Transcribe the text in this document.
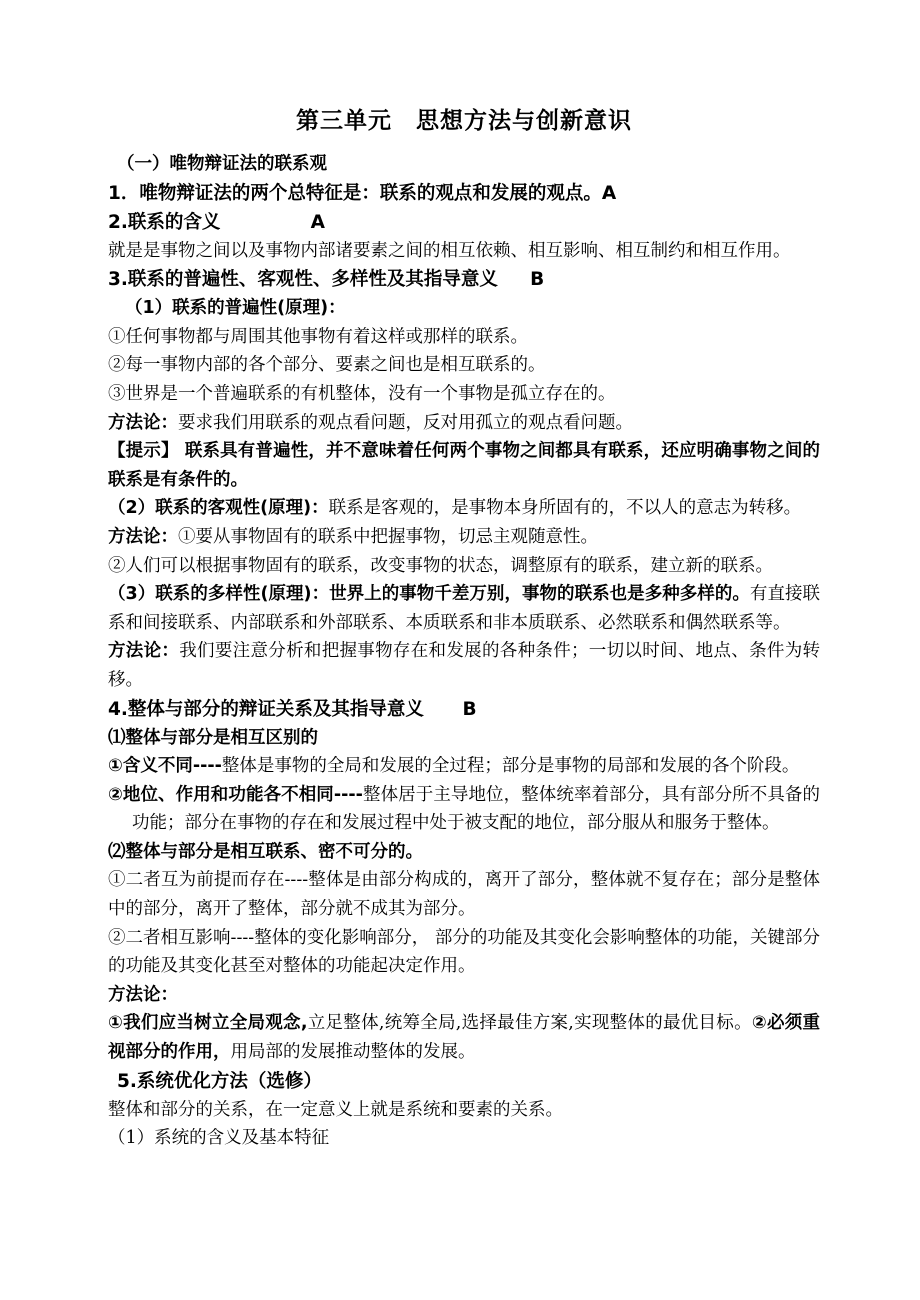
第三单元　思想方法与创新意识

（一）唯物辩证法的联系观

1．唯物辩证法的两个总特征是：联系的观点和发展的观点。A

2.联系的含义              A

就是是事物之间以及事物内部诸要素之间的相互依赖、相互影响、相互制约和相互作用。

3.联系的普遍性、客观性、多样性及其指导意义     B

（1）联系的普遍性(原理)：

①任何事物都与周围其他事物有着这样或那样的联系。

②每一事物内部的各个部分、要素之间也是相互联系的。

③世界是一个普遍联系的有机整体，没有一个事物是孤立存在的。

方法论：要求我们用联系的观点看问题，反对用孤立的观点看问题。

【提示】 联系具有普遍性，并不意味着任何两个事物之间都具有联系，还应明确事物之间的联系是有条件的。

（2）联系的客观性(原理)：联系是客观的，是事物本身所固有的，不以人的意志为转移。

方法论：①要从事物固有的联系中把握事物，切忌主观随意性。

②人们可以根据事物固有的联系，改变事物的状态，调整原有的联系，建立新的联系。

（3）联系的多样性(原理)：世界上的事物千差万别，事物的联系也是多种多样的。有直接联系和间接联系、内部联系和外部联系、本质联系和非本质联系、必然联系和偶然联系等。

方法论：我们要注意分析和把握事物存在和发展的各种条件；一切以时间、地点、条件为转移。

4.整体与部分的辩证关系及其指导意义      B

⑴整体与部分是相互区别的

①含义不同----整体是事物的全局和发展的全过程；部分是事物的局部和发展的各个阶段。

②地位、作用和功能各不相同----整体居于主导地位，整体统率着部分，具有部分所不具备的功能；部分在事物的存在和发展过程中处于被支配的地位，部分服从和服务于整体。

⑵整体与部分是相互联系、密不可分的。

①二者互为前提而存在----整体是由部分构成的，离开了部分，整体就不复存在；部分是整体中的部分，离开了整体，部分就不成其为部分。

②二者相互影响----整体的变化影响部分， 部分的功能及其变化会影响整体的功能，关键部分的功能及其变化甚至对整体的功能起决定作用。

方法论：

①我们应当树立全局观念,立足整体,统筹全局,选择最佳方案,实现整体的最优目标。②必须重视部分的作用，用局部的发展推动整体的发展。

5.系统优化方法（选修）

整体和部分的关系，在一定意义上就是系统和要素的关系。

（1）系统的含义及基本特征
